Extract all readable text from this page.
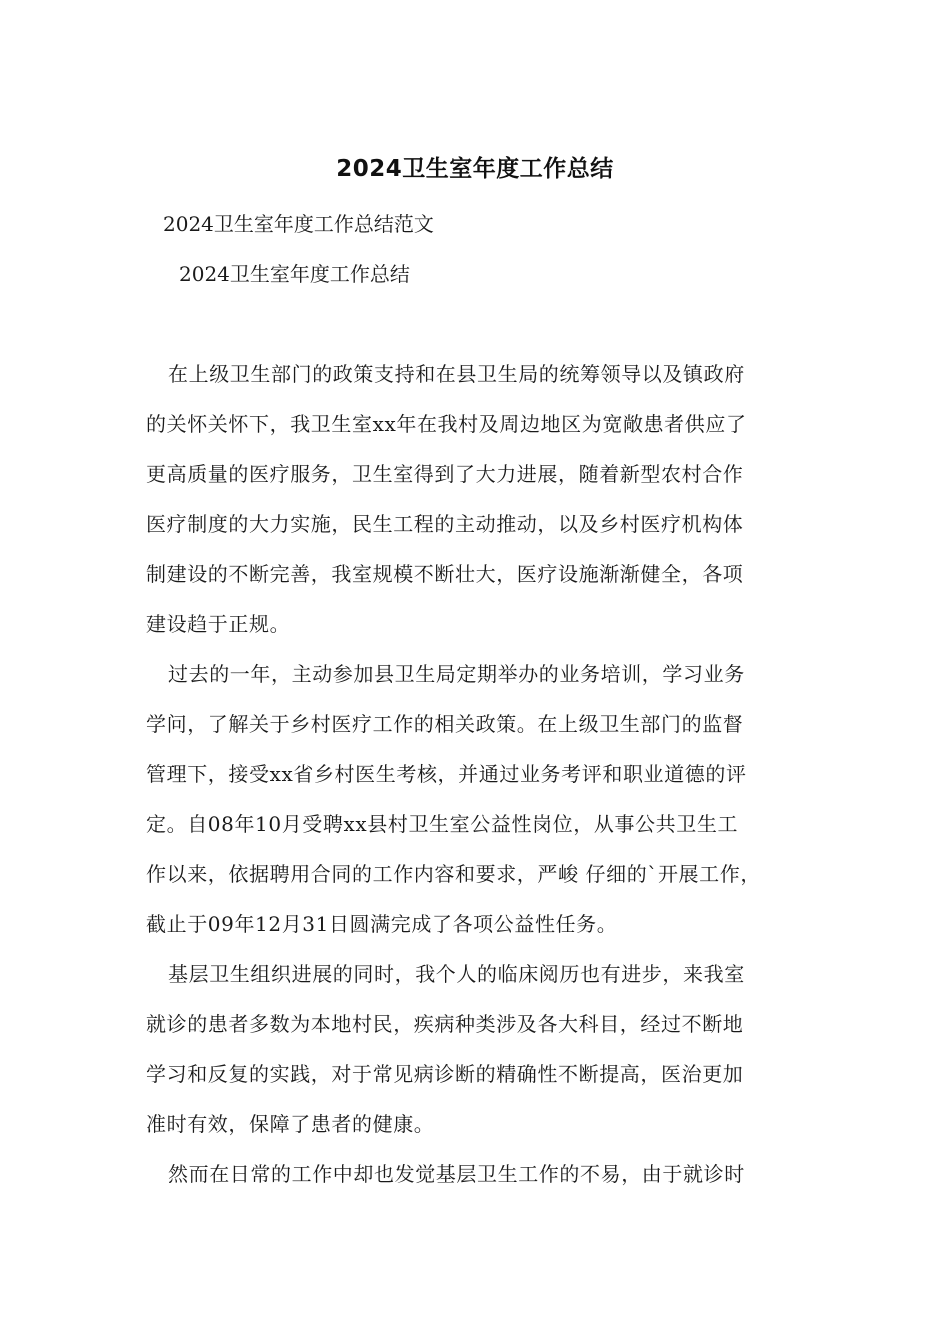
2024卫生室年度工作总结
2024卫生室年度工作总结范文
2024卫生室年度工作总结
在上级卫生部门的政策支持和在县卫生局的统筹领导以及镇政府
的关怀关怀下，我卫生室xx年在我村及周边地区为宽敞患者供应了
更高质量的医疗服务，卫生室得到了大力进展，随着新型农村合作
医疗制度的大力实施，民生工程的主动推动，以及乡村医疗机构体
制建设的不断完善，我室规模不断壮大，医疗设施渐渐健全，各项
建设趋于正规。
过去的一年，主动参加县卫生局定期举办的业务培训，学习业务
学问，了解关于乡村医疗工作的相关政策。在上级卫生部门的监督
管理下，接受xx省乡村医生考核，并通过业务考评和职业道德的评
定。自08年10月受聘xx县村卫生室公益性岗位，从事公共卫生工
作以来，依据聘用合同的工作内容和要求，严峻 仔细的`开展工作，
截止于09年12月31日圆满完成了各项公益性任务。
基层卫生组织进展的同时，我个人的临床阅历也有进步，来我室
就诊的患者多数为本地村民，疾病种类涉及各大科目，经过不断地
学习和反复的实践，对于常见病诊断的精确性不断提高，医治更加
准时有效，保障了患者的健康。
然而在日常的工作中却也发觉基层卫生工作的不易，由于就诊时
